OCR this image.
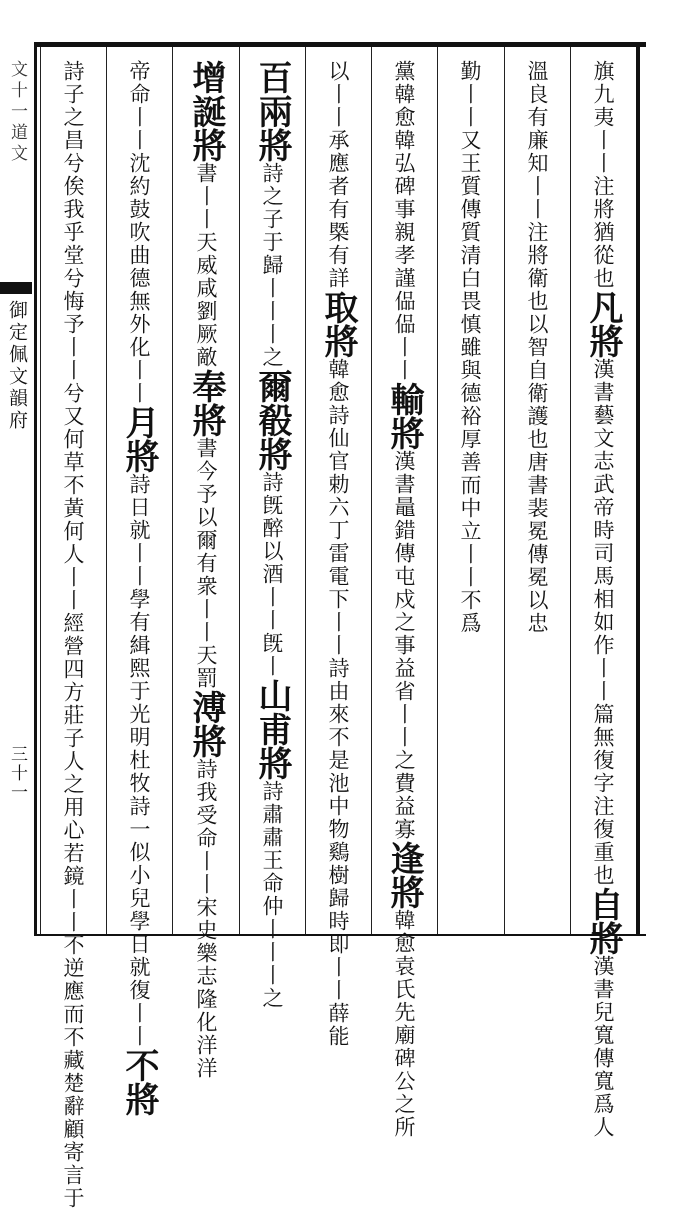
文十一道文
御定佩文韻府
三十一
旗九夷丨丨注將猶從也凡將漢書藝文志武帝時司馬相如作丨丨篇無復字注復重也自將漢書兒寬傳寬爲人
溫良有廉知丨丨注將衛也以智自衛護也唐書裴冕傳冕以忠
勤丨丨又王質傳質清白畏慎雖與德裕厚善而中立丨丨不爲
黨韓愈韓弘碑事親孝謹偘偘丨丨輸將漢書鼂錯傳屯戍之事益省丨丨之費益寡逢將韓愈袁氏先廟碑公之所
以丨丨承應者有槩有詳取將韓愈詩仙官勅六丁雷電下丨丨詩由來不是池中物鷄樹歸時即丨丨薛能
百兩將詩之子于歸丨丨丨之爾殽將詩旣醉以酒丨丨旣丨山甫將詩肅肅王命仲丨丨丨之
增誕將書丨丨天威咸劉厥敵奉將書今予以爾有衆丨丨天罰溥將詩我受命丨丨宋史樂志隆化洋洋
帝命丨丨沈約鼓吹曲德無外化丨丨月將詩日就丨丨學有緝熙于光明杜牧詩一似小兒學日就復丨丨不將
詩子之昌兮俟我乎堂兮悔予丨丨兮又何草不黃何人丨丨經營四方莊子人之用心若鏡丨丨不逆應而不藏楚辭顧寄言于
